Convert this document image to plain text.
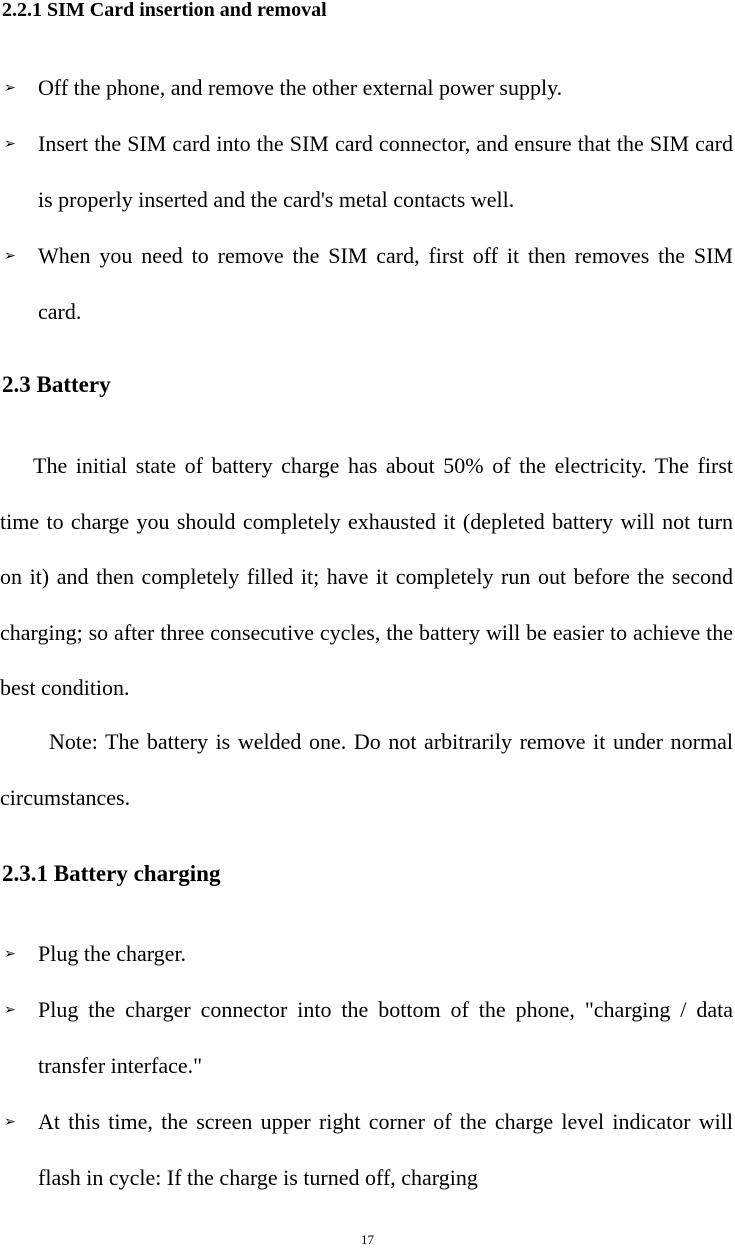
2.2.1 SIM Card insertion and removal
➢ Off the phone, and remove the other external power supply.
➢ Insert the SIM card into the SIM card connector, and ensure that the SIM card is properly inserted and the card's metal contacts well.
➢ When you need to remove the SIM card, first off it then removes the SIM card.
2.3 Battery

The initial state of battery charge has about 50% of the electricity. The first time to charge you should completely exhausted it (depleted battery will not turn on it) and then completely filled it; have it completely run out before the second charging; so after three consecutive cycles, the battery will be easier to achieve the best condition.

Note: The battery is welded one. Do not arbitrarily remove it under normal circumstances.

2.3.1 Battery charging
➢ Plug the charger.
➢ Plug the charger connector into the bottom of the phone, "charging / data transfer interface."
➢ At this time, the screen upper right corner of the charge level indicator will flash in cycle: If the charge is turned off, charging
17
